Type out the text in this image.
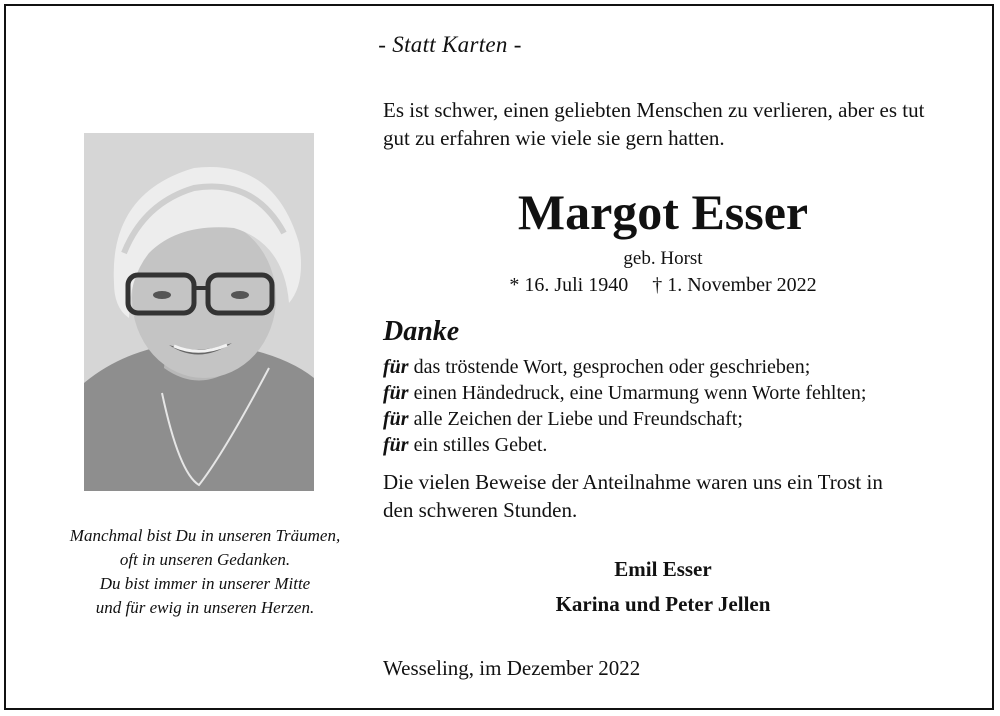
- Statt Karten -
Es ist schwer, einen geliebten Menschen zu verlieren, aber es tut
gut zu erfahren wie viele sie gern hatten.
Margot Esser
geb. Horst
* 16. Juli 1940 † 1. November 2022
Danke
für das tröstende Wort, gesprochen oder geschrieben;
für einen Händedruck, eine Umarmung wenn Worte fehlten;
für alle Zeichen der Liebe und Freundschaft;
für ein stilles Gebet.
Die vielen Beweise der Anteilnahme waren uns ein Trost in
den schweren Stunden.
Emil Esser
Karina und Peter Jellen
Wesseling, im Dezember 2022
Manchmal bist Du in unseren Träumen,
oft in unseren Gedanken.
Du bist immer in unserer Mitte
und für ewig in unseren Herzen.
